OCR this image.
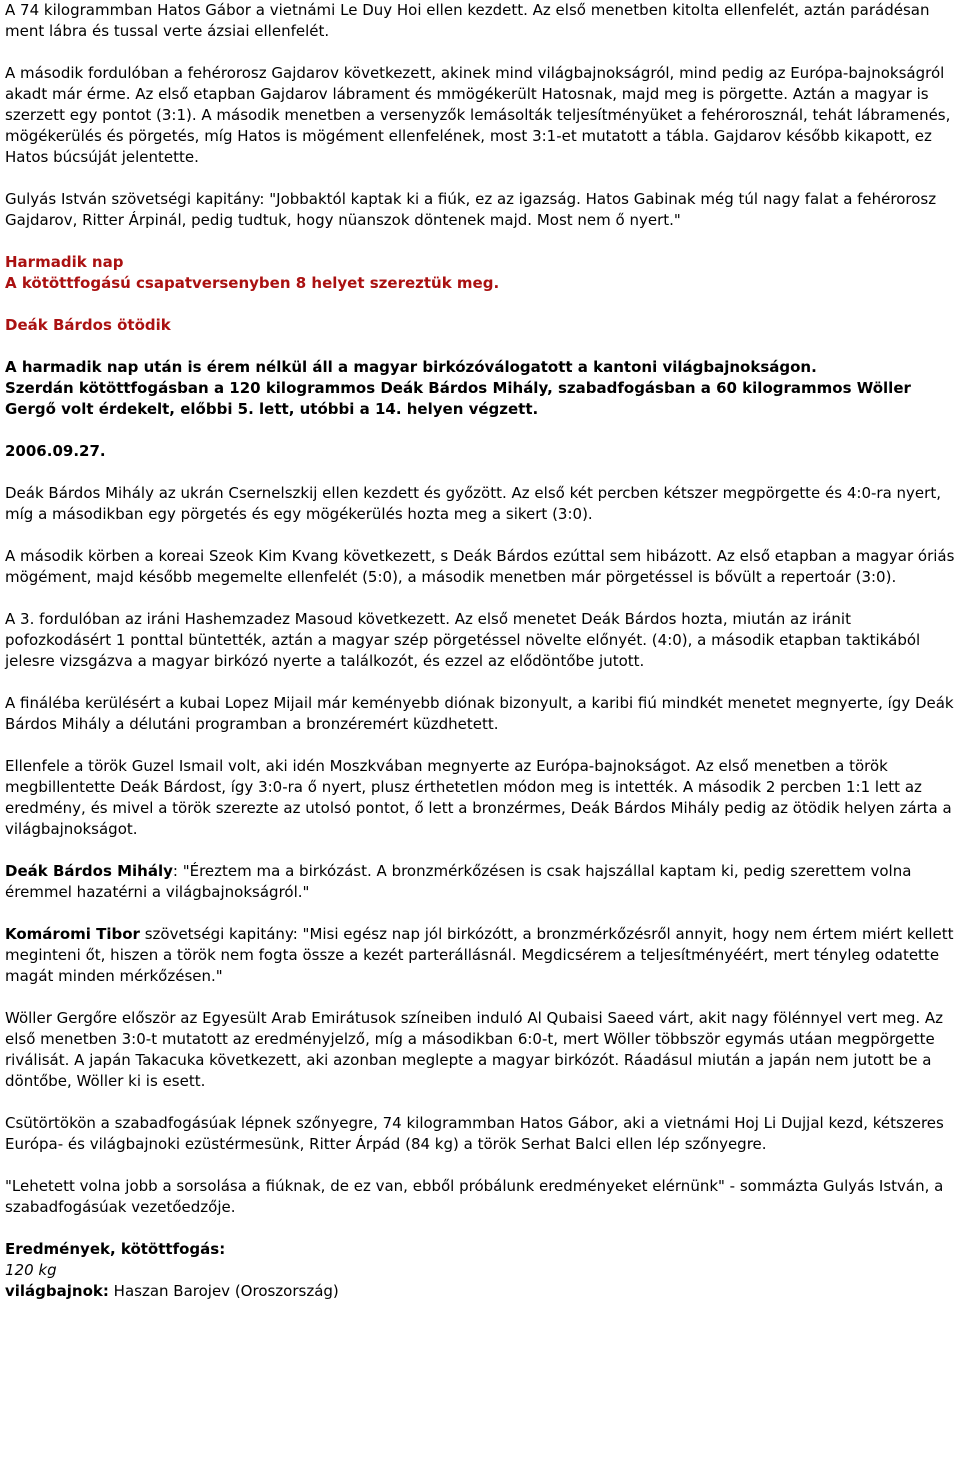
A 74 kilogrammban Hatos Gábor a vietnámi Le Duy Hoi ellen kezdett. Az első menetben kitolta ellenfelét, aztán parádésan ment lábra és tussal verte ázsiai ellenfelét.

A második fordulóban a fehérorosz Gajdarov következett, akinek mind világbajnokságról, mind pedig az Európa-bajnokságról akadt már érme. Az első etapban Gajdarov lábrament és mmögékerült Hatosnak, majd meg is pörgette. Aztán a magyar is szerzett egy pontot (3:1). A második menetben a versenyzők lemásolták teljesítményüket a fehérorosznál, tehát lábramenés, mögékerülés és pörgetés, míg Hatos is mögément ellenfelének, most 3:1-et mutatott a tábla. Gajdarov később kikapott, ez Hatos búcsúját jelentette.

Gulyás István szövetségi kapitány: "Jobbaktól kaptak ki a fiúk, ez az igazság. Hatos Gabinak még túl nagy falat a fehérorosz Gajdarov, Ritter Árpinál, pedig tudtuk, hogy nüanszok döntenek majd. Most nem ő nyert."

Harmadik nap

A kötöttfogású csapatversenyben 8 helyet szereztük meg.

Deák Bárdos ötödik

A harmadik nap után is érem nélkül áll a magyar birkózóválogatott a kantoni világbajnokságon.
Szerdán kötöttfogásban a 120 kilogrammos Deák Bárdos Mihály, szabadfogásban a 60 kilogrammos Wöller Gergő volt érdekelt, előbbi 5. lett, utóbbi a 14. helyen végzett.

2006.09.27.

Deák Bárdos Mihály az ukrán Csernelszkij ellen kezdett és győzött. Az első két percben kétszer megpörgette és 4:0-ra nyert, míg a másodikban egy pörgetés és egy mögékerülés hozta meg a sikert (3:0).

A második körben a koreai Szeok Kim Kvang következett, s Deák Bárdos ezúttal sem hibázott. Az első etapban a magyar óriás mögément, majd később megemelte ellenfelét (5:0), a második menetben már pörgetéssel is bővült a repertoár (3:0).

A 3. fordulóban az iráni Hashemzadez Masoud következett. Az első menetet Deák Bárdos hozta, miután az iránit pofozkodásért 1 ponttal büntették, aztán a magyar szép pörgetéssel növelte előnyét. (4:0), a második etapban taktikából jelesre vizsgázva a magyar birkózó nyerte a találkozót, és ezzel az elődöntőbe jutott.

A fináléba kerülésért a kubai Lopez Mijail már keményebb diónak bizonyult, a karibi fiú mindkét menetet megnyerte, így Deák Bárdos Mihály a délutáni programban a bronzéremért küzdhetett.

Ellenfele a török Guzel Ismail volt, aki idén Moszkvában megnyerte az Európa-bajnokságot. Az első menetben a török megbillentette Deák Bárdost, így 3:0-ra ő nyert, plusz érthetetlen módon meg is intették. A második 2 percben 1:1 lett az eredmény, és mivel a török szerezte az utolsó pontot, ő lett a bronzérmes, Deák Bárdos Mihály pedig az ötödik helyen zárta a világbajnokságot.

Deák Bárdos Mihály: "Éreztem ma a birkózást. A bronzmérkőzésen is csak hajszállal kaptam ki, pedig szerettem volna éremmel hazatérni a világbajnokságról."

Komáromi Tibor szövetségi kapitány: "Misi egész nap jól birkózótt, a bronzmérkőzésről annyit, hogy nem értem miért kellett meginteni őt, hiszen a török nem fogta össze a kezét parterállásnál. Megdicsérem a teljesítményéért, mert tényleg odatette magát minden mérkőzésen."

Wöller Gergőre először az Egyesült Arab Emirátusok színeiben induló Al Qubaisi Saeed várt, akit nagy fölénnyel vert meg. Az első menetben 3:0-t mutatott az eredményjelző, míg a másodikban 6:0-t, mert Wöller többször egymás utáan megpörgette riválisát. A japán Takacuka következett, aki azonban meglepte a magyar birkózót. Ráadásul miután a japán nem jutott be a döntőbe, Wöller ki is esett.

Csütörtökön a szabadfogásúak lépnek szőnyegre, 74 kilogrammban Hatos Gábor, aki a vietnámi Hoj Li Dujjal kezd, kétszeres Európa- és világbajnoki ezüstérmesünk, Ritter Árpád (84 kg) a török Serhat Balci ellen lép szőnyegre.

"Lehetett volna jobb a sorsolása a fiúknak, de ez van, ebből próbálunk eredményeket elérnünk" - sommázta Gulyás István, a szabadfogásúak vezetőedzője.

Eredmények, kötöttfogás:
120 kg
világbajnok: Haszan Barojev (Oroszország)
